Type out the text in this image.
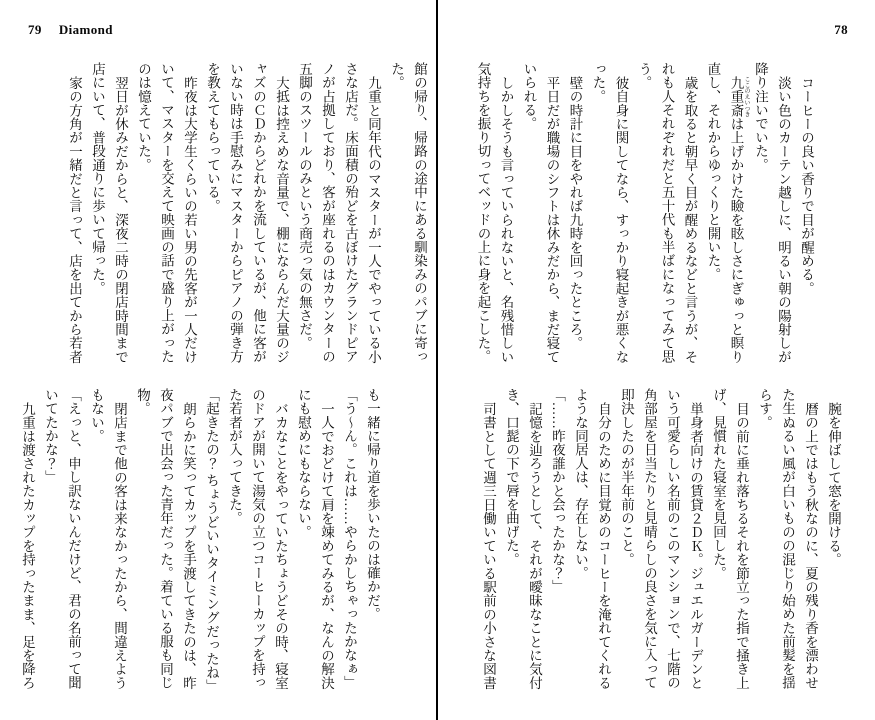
79 Diamond

館の帰り、帰路の途中にある馴染みのパブに寄った。

九重と同年代のマスターが一人でやっている小さな店だ。床面積の殆どを古ぼけたグランドピアノが占拠しており、客が座れるのはカウンターの五脚のスツールのみという商売っ気の無さだ。

大抵は控えめな音量で、棚にならんだ大量のジャズのＣＤからどれかを流しているが、他に客がいない時は手慰みにマスターからピアノの弾き方を教えてもらっている。

昨夜は大学生くらいの若い男の先客が一人だけいて、マスターを交えて映画の話で盛り上がったのは憶えていた。

翌日が休みだからと、深夜二時の閉店時間まで店にいて、普段通りに歩いて帰った。

家の方角が一緒だと言って、店を出てから若者

も一緒に帰り道を歩いたのは確かだ。

「う〜ん。これは……やらかしちゃったかなぁ」

一人でおどけて肩を竦めてみるが、なんの解決にも慰めにもならない。

バカなことをやっていたちょうどその時、寝室のドアが開いて湯気の立つコーヒーカップを持った若者が入ってきた。

「起きたの？ ちょうどいいタイミングだったね」

朗らかに笑ってカップを手渡してきたのは、昨夜パブで出会った青年だった。着ている服も同じ物。

閉店まで他の客は来なかったから、間違えようもない。

「えっと、申し訳ないんだけど、君の名前って聞いてたかな？」

九重は渡されたカップを持ったまま、足を降ろ

78

コーヒーの良い香りで目が醒める。

淡い色のカーテン越しに、明るい朝の陽射しが降り注いでいた。

九重斎 ここのえいつきは上げかけた瞼を眩しさにぎゅっと瞑り直し、それからゆっくりと開いた。

歳を取ると朝早く目が醒めるなどと言うが、それも人それぞれだと五十代も半ばになってみて思う。

彼自身に関してなら、すっかり寝起きが悪くなった。

壁の時計に目をやれば九時を回ったところ。

平日だが職場のシフトは休みだから、まだ寝ていられる。

しかしそうも言っていられないと、名残惜しい気持ちを振り切ってベッドの上に身を起こした。

腕を伸ばして窓を開ける。

暦の上ではもう秋なのに、夏の残り香を漂わせた生ぬるい風が白いものの混じり始めた前髪を揺らす。

目の前に垂れ落ちるそれを節立った指で掻き上げ、見慣れた寝室を見回した。

単身者向けの賃貸２ＤＫ。ジュエルガーデンという可愛らしい名前のこのマンションで、七階の角部屋を日当たりと見晴らしの良さを気に入って即決したのが半年前のこと。

自分のために目覚めのコーヒーを淹れてくれるような同居人は、存在しない。

「……昨夜誰かと会ったかな？」

記憶を辿ろうとして、それが曖昧なことに気付き、口髭の下で唇を曲げた。

司書として週三日働いている駅前の小さな図書
